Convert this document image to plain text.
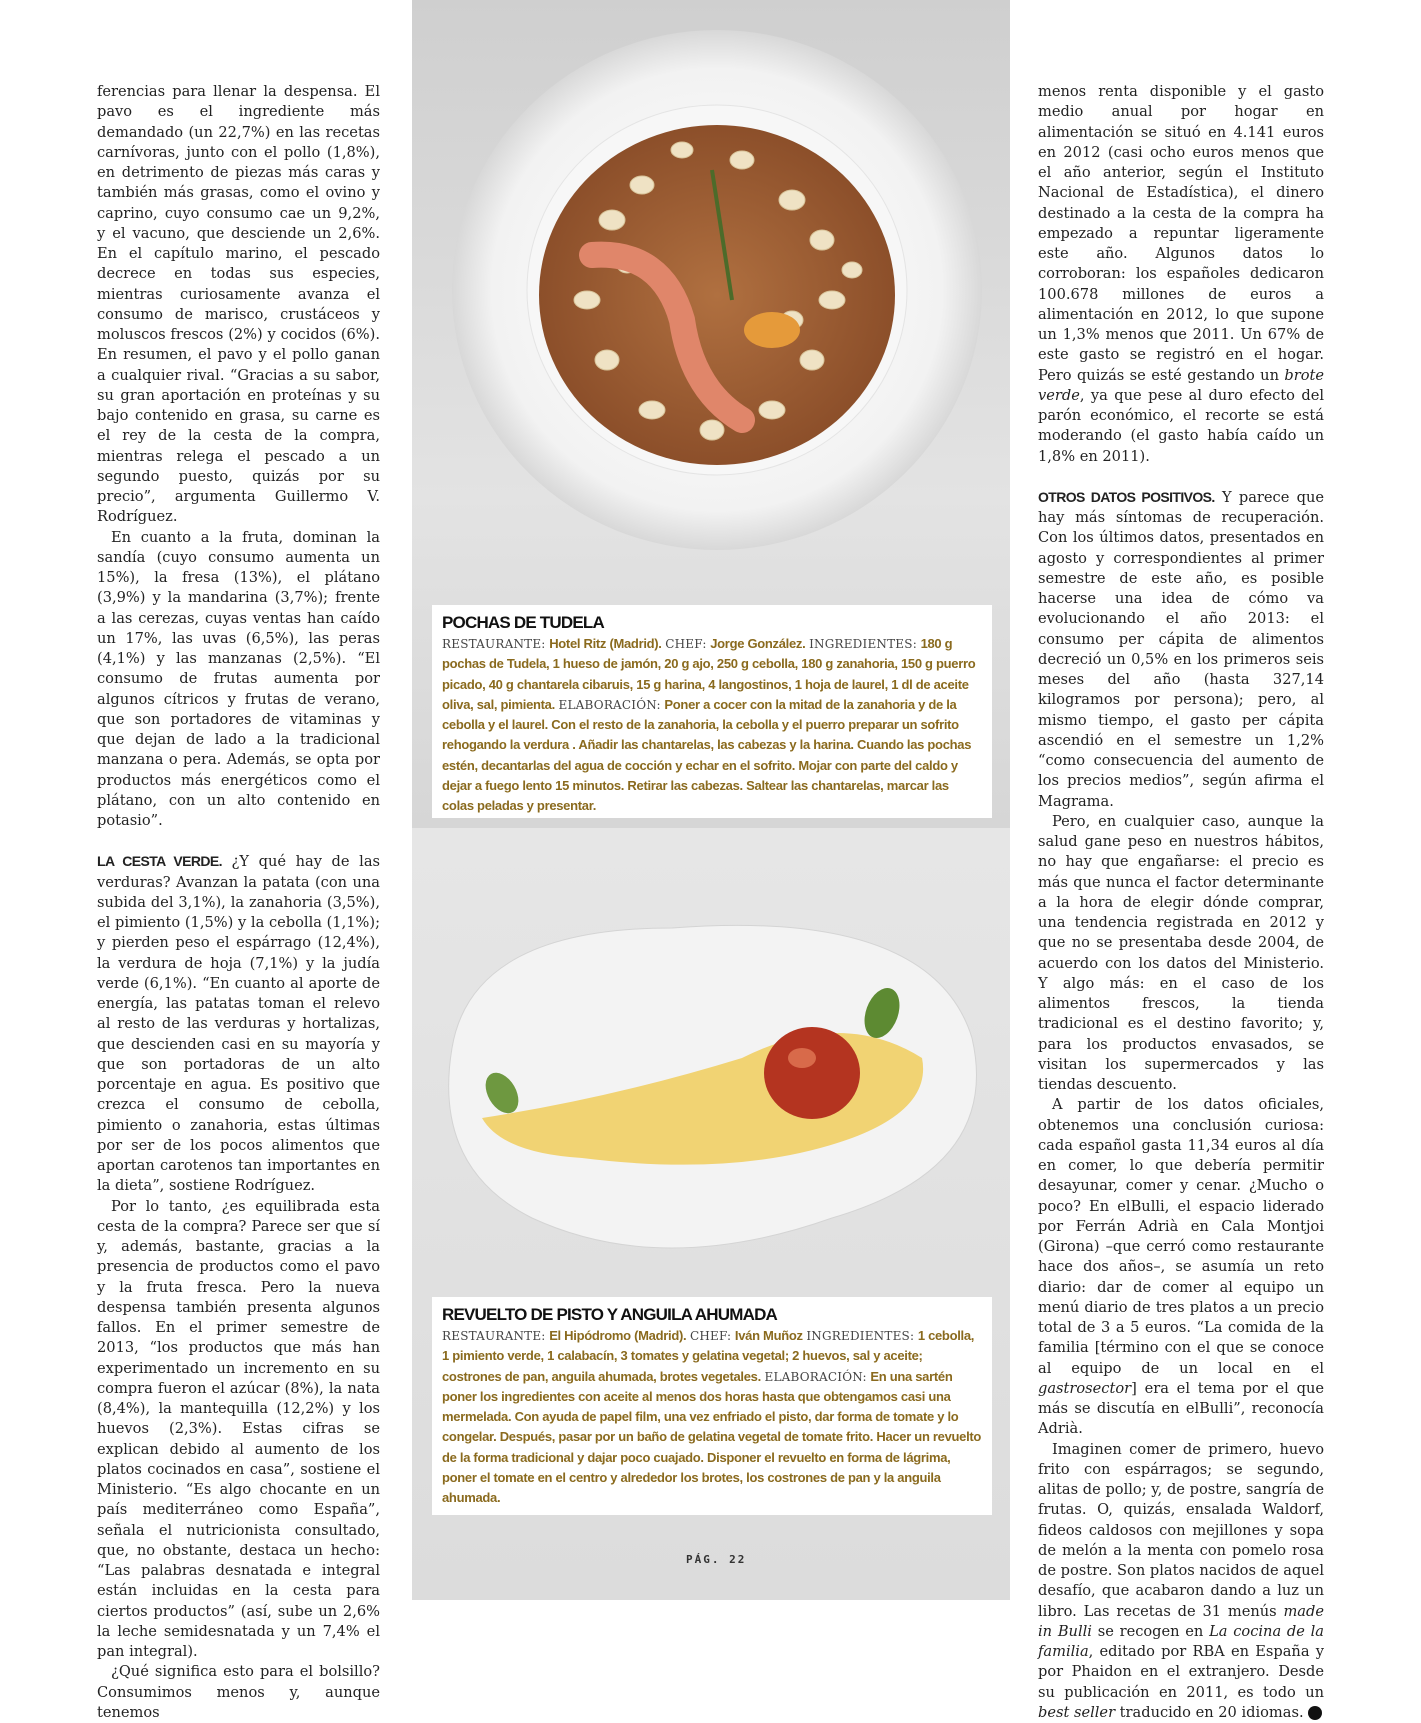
ferencias para llenar la despensa. El pavo es el ingrediente más demandado (un 22,7%) en las recetas carnívoras, junto con el pollo (1,8%), en detrimento de piezas más caras y también más grasas, como el ovino y caprino, cuyo consumo cae un 9,2%, y el vacuno, que desciende un 2,6%. En el capítulo marino, el pescado decrece en todas sus especies, mientras curiosamente avanza el consumo de marisco, crustáceos y moluscos frescos (2%) y cocidos (6%). En resumen, el pavo y el pollo ganan a cualquier rival. “Gracias a su sabor, su gran aportación en proteínas y su bajo contenido en grasa, su carne es el rey de la cesta de la compra, mientras relega el pescado a un segundo puesto, quizás por su precio”, argumenta Guillermo V. Rodríguez.

En cuanto a la fruta, dominan la sandía (cuyo consumo aumenta un 15%), la fresa (13%), el plátano (3,9%) y la mandarina (3,7%); frente a las cerezas, cuyas ventas han caído un 17%, las uvas (6,5%), las peras (4,1%) y las manzanas (2,5%). “El consumo de frutas aumenta por algunos cítricos y frutas de verano, que son portadores de vitaminas y que dejan de lado a la tradicional manzana o pera. Además, se opta por productos más energéticos como el plátano, con un alto contenido en potasio”.

LA CESTA VERDE. ¿Y qué hay de las verduras? Avanzan la patata (con una subida del 3,1%), la zanahoria (3,5%), el pimiento (1,5%) y la cebolla (1,1%); y pierden peso el espárrago (12,4%), la verdura de hoja (7,1%) y la judía verde (6,1%). “En cuanto al aporte de energía, las patatas toman el relevo al resto de las verduras y hortalizas, que descienden casi en su mayoría y que son portadoras de un alto porcentaje en agua. Es positivo que crezca el consumo de cebolla, pimiento o zanahoria, estas últimas por ser de los pocos alimentos que aportan carotenos tan importantes en la dieta”, sostiene Rodríguez.

Por lo tanto, ¿es equilibrada esta cesta de la compra? Parece ser que sí y, además, bastante, gracias a la presencia de productos como el pavo y la fruta fresca. Pero la nueva despensa también presenta algunos fallos. En el primer semestre de 2013, “los productos que más han experimentado un incremento en su compra fueron el azúcar (8%), la nata (8,4%), la mantequilla (12,2%) y los huevos (2,3%). Estas cifras se explican debido al aumento de los platos cocinados en casa”, sostiene el Ministerio. “Es algo chocante en un país mediterráneo como España”, señala el nutricionista consultado, que, no obstante, destaca un hecho: “Las palabras desnatada e integral están incluidas en la cesta para ciertos productos” (así, sube un 2,6% la leche semidesnatada y un 7,4% el pan integral).

¿Qué significa esto para el bolsillo? Consumimos menos y, aunque tenemos

POCHAS DE TUDELA
RESTAURANTE: Hotel Ritz (Madrid). CHEF: Jorge González. INGREDIENTES: 180 g pochas de Tudela, 1 hueso de jamón, 20 g ajo, 250 g cebolla, 180 g zanahoria, 150 g puerro picado, 40 g chantarela cibaruis, 15 g harina, 4 langostinos, 1 hoja de laurel, 1 dl de aceite oliva, sal, pimienta. ELABORACIÓN: Poner a cocer con la mitad de la zanahoria y de la cebolla y el laurel. Con el resto de la zanahoria, la cebolla y el puerro preparar un sofrito rehogando la verdura . Añadir las chantarelas, las cabezas y la harina. Cuando las pochas estén, decantarlas del agua de cocción y echar en el sofrito. Mojar con parte del caldo y dejar a fuego lento 15 minutos. Retirar las cabezas. Saltear las chantarelas, marcar las colas peladas y presentar.
REVUELTO DE PISTO Y ANGUILA AHUMADA
RESTAURANTE: El Hipódromo (Madrid). CHEF: Iván Muñoz INGREDIENTES: 1 cebolla, 1 pimiento verde, 1 calabacín, 3 tomates y gelatina vegetal; 2 huevos, sal y aceite; costrones de pan, anguila ahumada, brotes vegetales. ELABORACIÓN: En una sartén poner los ingredientes con aceite al menos dos horas hasta que obtengamos casi una mermelada. Con ayuda de papel film, una vez enfriado el pisto, dar forma de tomate y lo congelar. Después, pasar por un baño de gelatina vegetal de tomate frito. Hacer un revuelto de la forma tradicional y dajar poco cuajado. Disponer el revuelto en forma de lágrima, poner el tomate en el centro y alrededor los brotes, los costrones de pan y la anguila ahumada.
PÁG. 22

menos renta disponible y el gasto medio anual por hogar en alimentación se situó en 4.141 euros en 2012 (casi ocho euros menos que el año anterior, según el Instituto Nacional de Estadística), el dinero destinado a la cesta de la compra ha empezado a repuntar ligeramente este año. Algunos datos lo corroboran: los españoles dedicaron 100.678 millones de euros a alimentación en 2012, lo que supone un 1,3% menos que 2011. Un 67% de este gasto se registró en el hogar. Pero quizás se esté gestando un brote verde, ya que pese al duro efecto del parón económico, el recorte se está moderando (el gasto había caído un 1,8% en 2011).

OTROS DATOS POSITIVOS. Y parece que hay más síntomas de recuperación. Con los últimos datos, presentados en agosto y correspondientes al primer semestre de este año, es posible hacerse una idea de cómo va evolucionando el año 2013: el consumo per cápita de alimentos decreció un 0,5% en los primeros seis meses del año (hasta 327,14 kilogramos por persona); pero, al mismo tiempo, el gasto per cápita ascendió en el semestre un 1,2% “como consecuencia del aumento de los precios medios”, según afirma el Magrama.

Pero, en cualquier caso, aunque la salud gane peso en nuestros hábitos, no hay que engañarse: el precio es más que nunca el factor determinante a la hora de elegir dónde comprar, una tendencia registrada en 2012 y que no se presentaba desde 2004, de acuerdo con los datos del Ministerio. Y algo más: en el caso de los alimentos frescos, la tienda tradicional es el destino favorito; y, para los productos envasados, se visitan los supermercados y las tiendas descuento.

A partir de los datos oficiales, obtenemos una conclusión curiosa: cada español gasta 11,34 euros al día en comer, lo que debería permitir desayunar, comer y cenar. ¿Mucho o poco? En elBulli, el espacio liderado por Ferrán Adrià en Cala Montjoi (Girona) –que cerró como restaurante hace dos años–, se asumía un reto diario: dar de comer al equipo un menú diario de tres platos a un precio total de 3 a 5 euros. “La comida de la familia [término con el que se conoce al equipo de un local en el gastrosector] era el tema por el que más se discutía en elBulli”, reconocía Adrià.

Imaginen comer de primero, huevo frito con espárragos; se segundo, alitas de pollo; y, de postre, sangría de frutas. O, quizás, ensalada Waldorf, fideos caldosos con mejillones y sopa de melón a la menta con pomelo rosa de postre. Son platos nacidos de aquel desafío, que acabaron dando a luz un libro. Las recetas de 31 menús made in Bulli se recogen en La cocina de la familia, editado por RBA en España y por Phaidon en el extranjero. Desde su publicación en 2011, es todo un best seller traducido en 20 idiomas. ✕
